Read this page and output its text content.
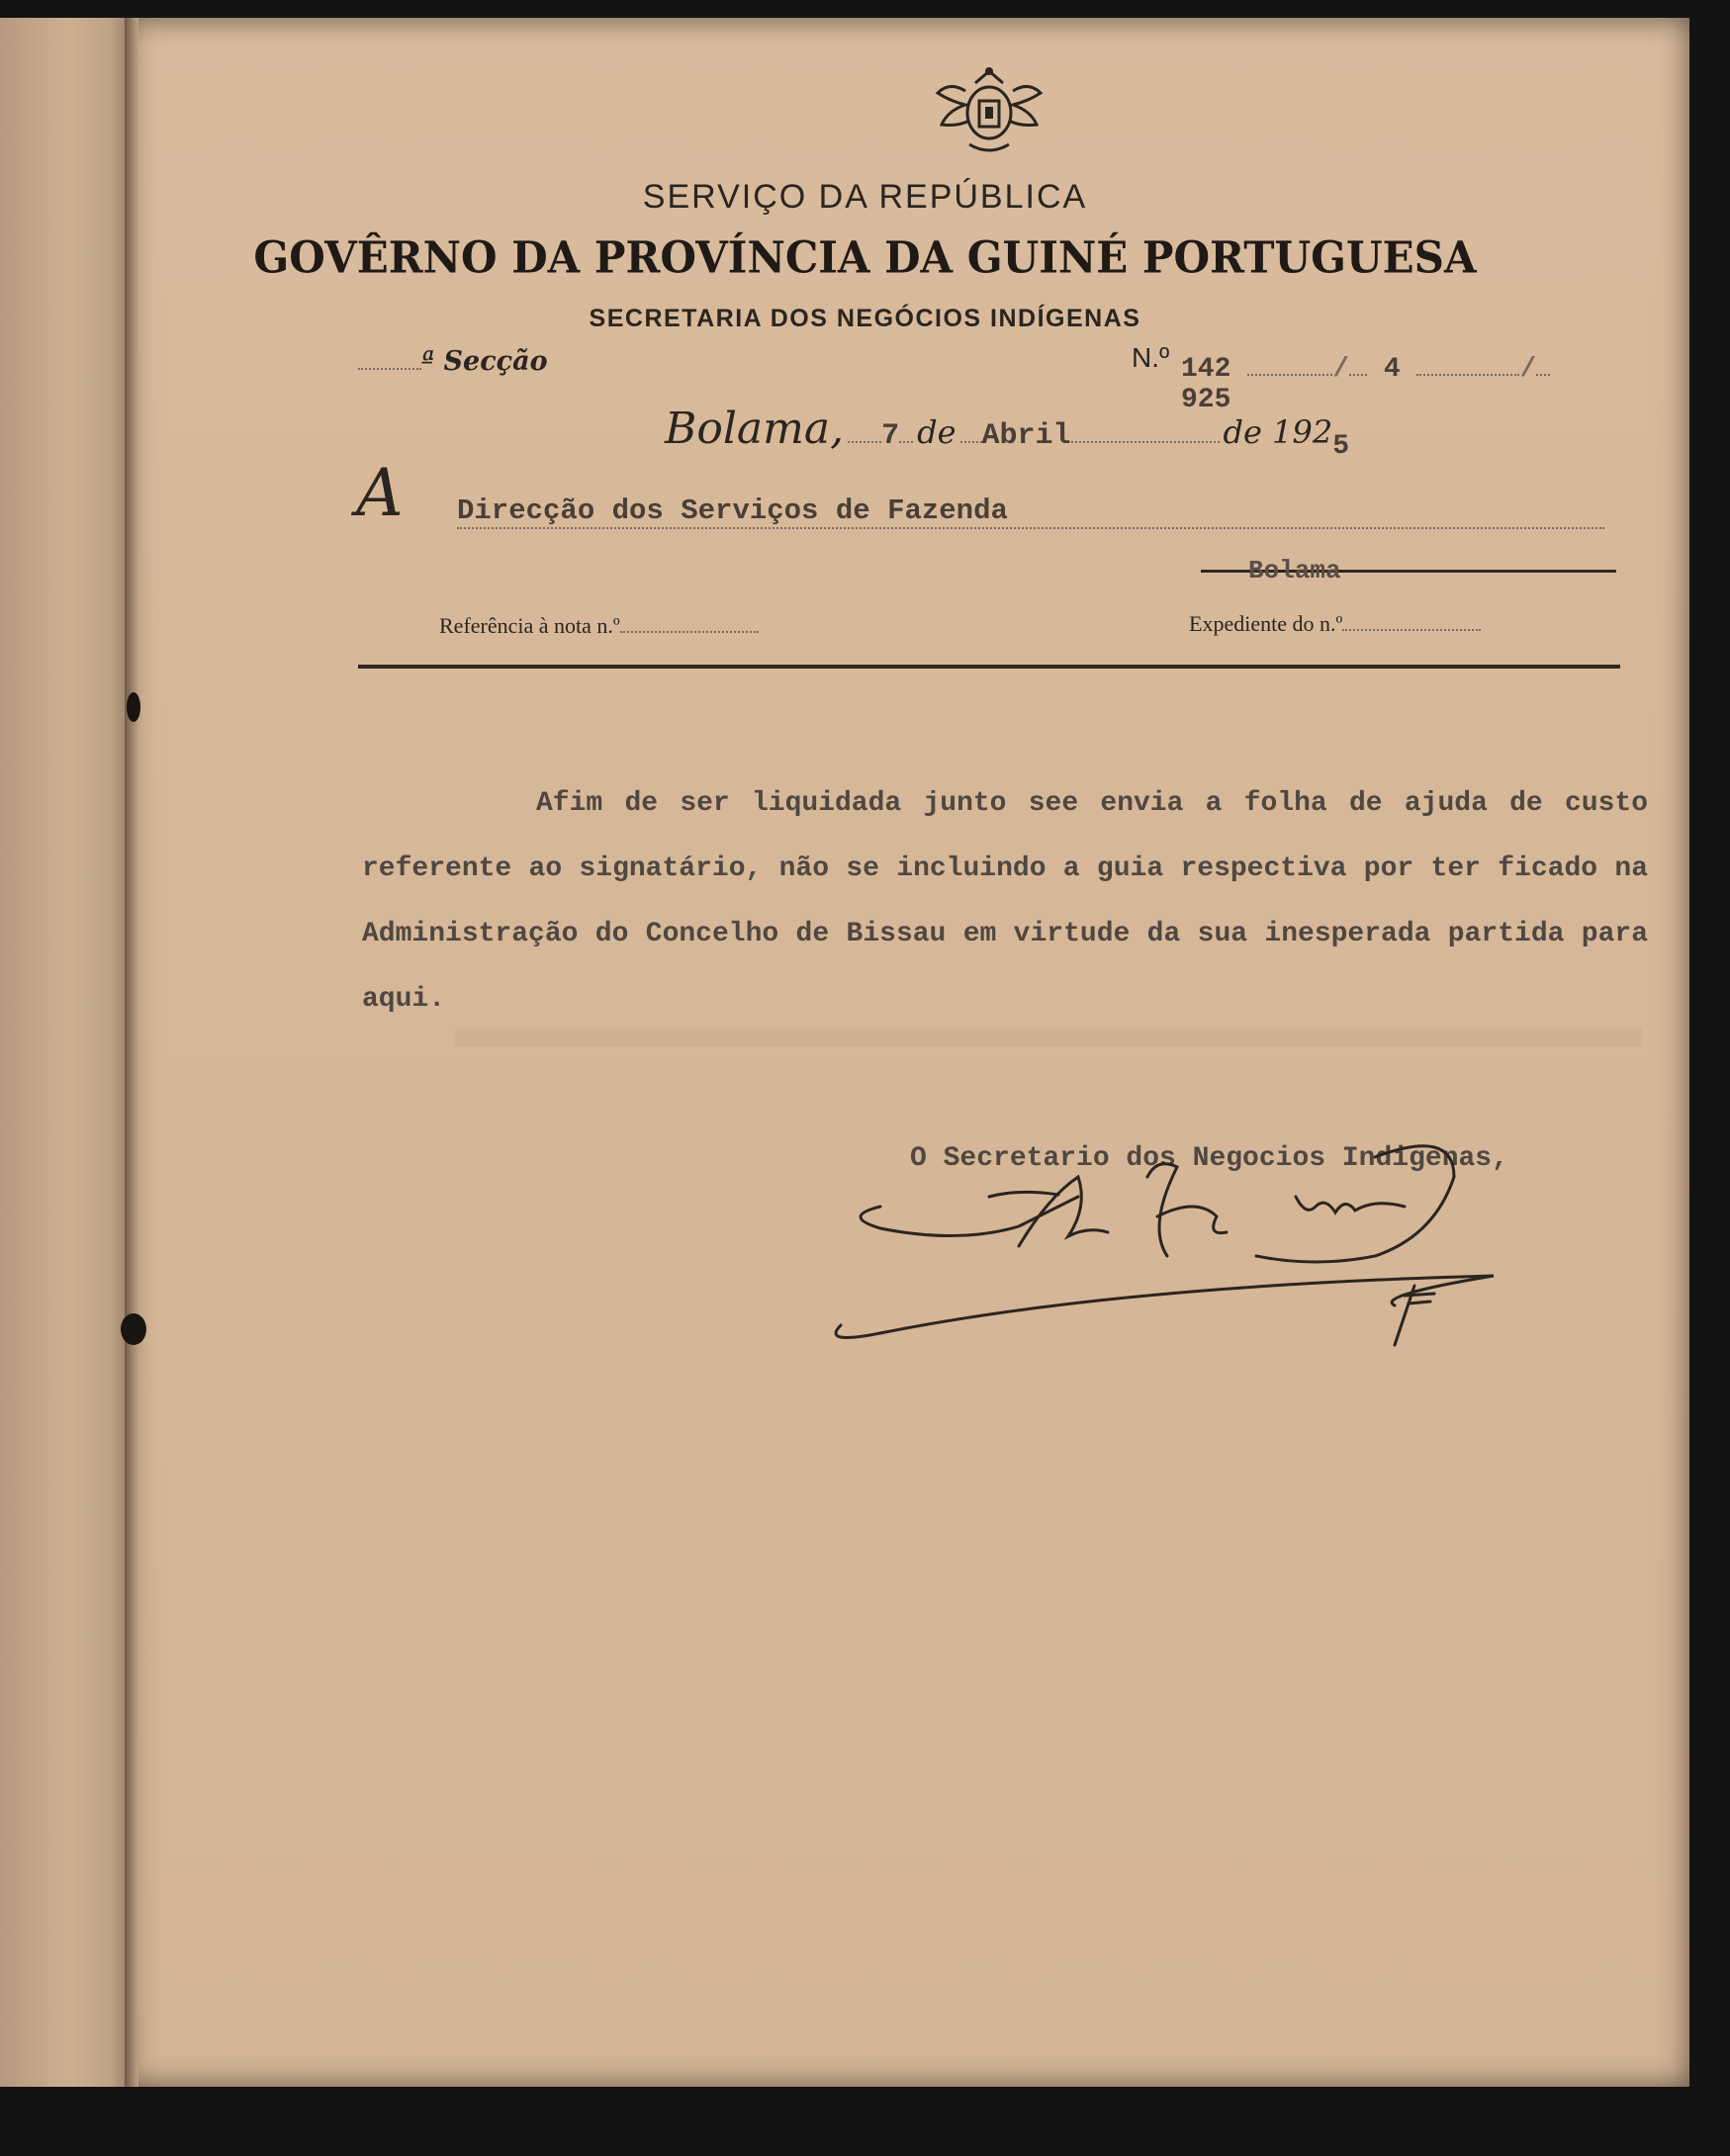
SERVIÇO DA REPÚBLICA
GOVÊRNO DA PROVÍNCIA DA GUINÉ PORTUGUESA
SECRETARIA DOS NEGÓCIOS INDÍGENAS
ª Secção	N.º 142	/ 4	/ 925
Bolama, 7 de Abril	de 1925
A Direcção dos Serviços de Fazenda
Bolama
Referência à nota n.º	Expediente do n.º

Afim de ser liquidada junto see envia a folha de ajuda de custo referente ao signatário, não se incluindo a guia respectiva por ter ficado na Administração do Concelho de Bissau em virtude da sua inesperada partida para aqui.

O Secretario dos Negocios Indigenas,
